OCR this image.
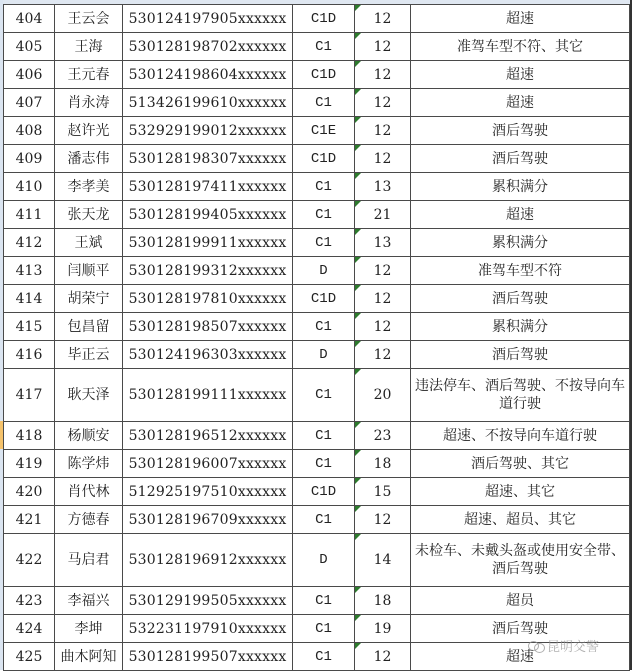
404	王云会	530124197905xxxxxx	C1D	12	超速
405	王海	530128198702xxxxxx	C1	12	准驾车型不符、其它
406	王元春	530124198604xxxxxx	C1D	12	超速
407	肖永涛	513426199610xxxxxx	C1	12	超速
408	赵许光	532929199012xxxxxx	C1E	12	酒后驾驶
409	潘志伟	530128198307xxxxxx	C1D	12	酒后驾驶
410	李孝美	530128197411xxxxxx	C1	13	累积满分
411	张天龙	530128199405xxxxxx	C1	21	超速
412	王斌	530128199911xxxxxx	C1	13	累积满分
413	闫顺平	530128199312xxxxxx	D	12	准驾车型不符
414	胡荣宁	530128197810xxxxxx	C1D	12	酒后驾驶
415	包昌留	530128198507xxxxxx	C1	12	累积满分
416	毕正云	530124196303xxxxxx	D	12	酒后驾驶
417	耿天泽	530128199111xxxxxx	C1	20	违法停车、酒后驾驶、不按导向车道行驶
418	杨顺安	530128196512xxxxxx	C1	23	超速、不按导向车道行驶
419	陈学炜	530128196007xxxxxx	C1	18	酒后驾驶、其它
420	肖代林	512925197510xxxxxx	C1D	15	超速、其它
421	方德春	530128196709xxxxxx	C1	12	超速、超员、其它
422	马启君	530128196912xxxxxx	D	14	未检车、未戴头盔或使用安全带、酒后驾驶
423	李福兴	530129199505xxxxxx	C1	18	超员
424	李坤	532231197910xxxxxx	C1	19	酒后驾驶
425	曲木阿知	530128199507xxxxxx	C1	12	超速
昆明交警
